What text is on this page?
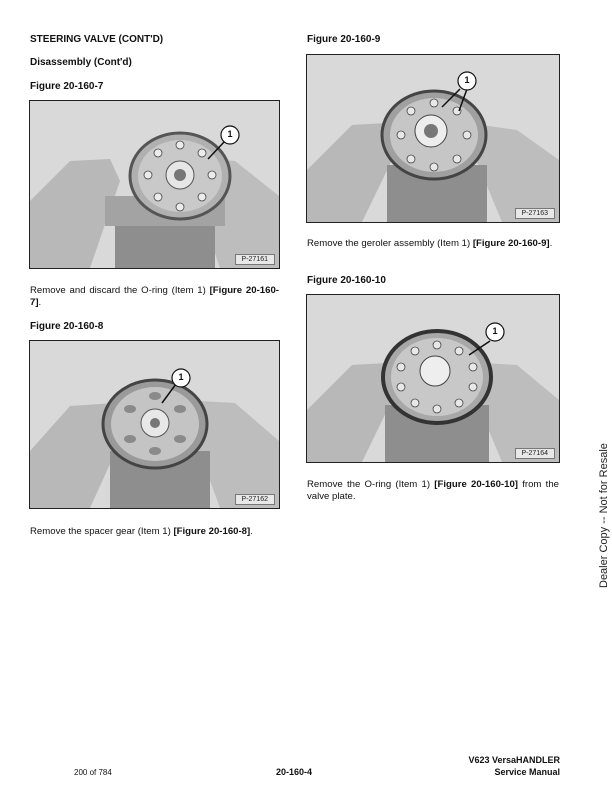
STEERING VALVE (CONT'D)
Disassembly (Cont'd)
Figure 20-160-7
1
P-27161
Remove and discard the O-ring (Item 1) [Figure 20-160-7].
Figure 20-160-8
1
P-27162
Remove the spacer gear (Item 1) [Figure 20-160-8].
Figure 20-160-9
1
P-27163
Remove the geroler assembly (Item 1) [Figure 20-160-9].
Figure 20-160-10
1
P-27164
Remove the O-ring (Item 1) [Figure 20-160-10] from the valve plate.	Dealer Copy -- Not for Resale
200 of 784	20-160-4
V623 VersaHANDLER
Service Manual
